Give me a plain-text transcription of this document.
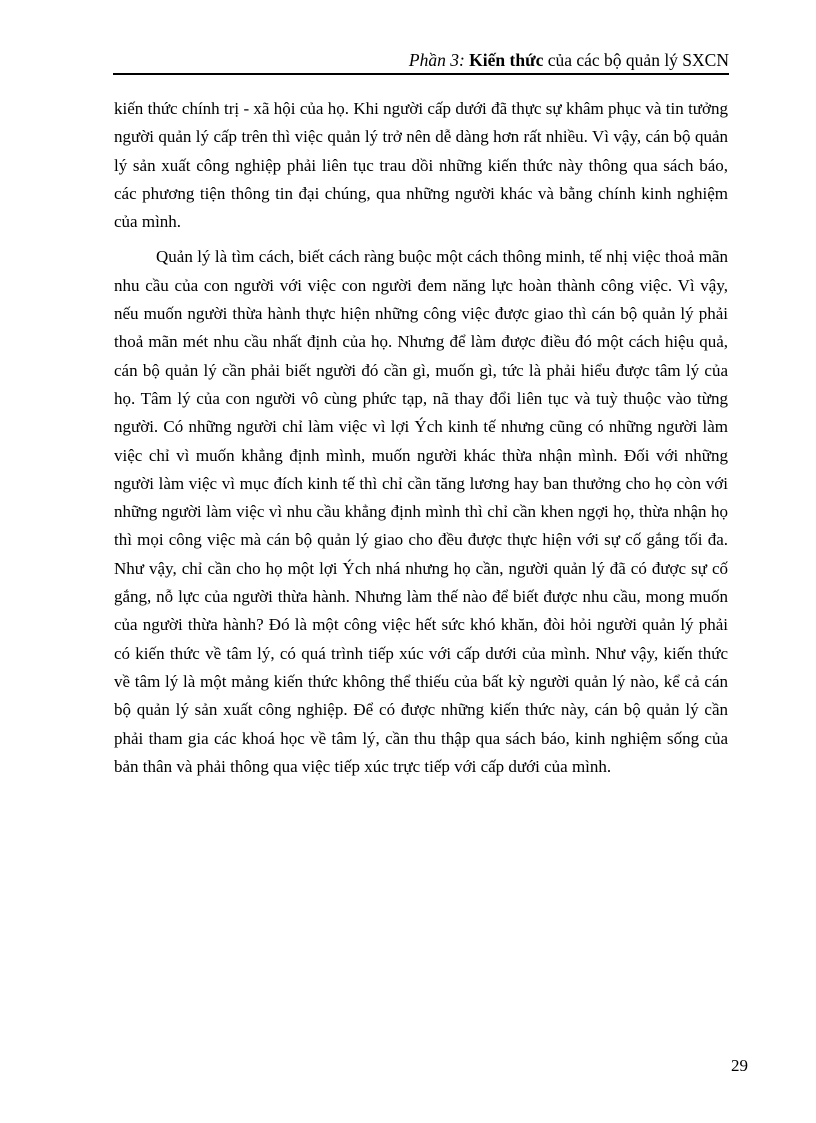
Phần 3: Kiến thức của các bộ quản lý SXCN

kiến thức chính trị - xã hội của họ. Khi người cấp dưới đã thực sự khâm phục và tin tưởng người quản lý cấp trên thì việc quản lý trở nên dễ dàng hơn rất nhiều. Vì vậy, cán bộ quản lý sản xuất công nghiệp phải liên tục trau dồi những kiến thức này thông qua sách báo, các phương tiện thông tin đại chúng, qua những người khác và bằng chính kinh nghiệm của mình.

Quản lý là tìm cách, biết cách ràng buộc một cách thông minh, tế nhị việc thoả mãn nhu cầu của con người với việc con người đem năng lực hoàn thành công việc. Vì vậy, nếu muốn người thừa hành thực hiện những công việc được giao thì cán bộ quản lý phải thoả mãn mét nhu cầu nhất định của họ. Nhưng để làm được điều đó một cách hiệu quả, cán bộ quản lý cần phải biết người đó cần gì, muốn gì, tức là phải hiểu được tâm lý của họ. Tâm lý của con người vô cùng phức tạp, nã thay đổi liên tục và tuỳ thuộc vào từng người. Có những người chỉ làm việc vì lợi Ých kinh tế nhưng cũng có những người làm việc chỉ vì muốn khẳng định mình, muốn người khác thừa nhận mình. Đối với những người làm việc vì mục đích kinh tế thì chỉ cần tăng lương hay ban thưởng cho họ còn với những người làm việc vì nhu cầu khẳng định mình thì chỉ cần khen ngợi họ, thừa nhận họ thì mọi công việc mà cán bộ quản lý giao cho đều được thực hiện với sự cố gắng tối đa. Như vậy, chỉ cần cho họ một lợi Ých nhá nhưng họ cần, người quản lý đã có được sự cố gắng, nỗ lực của người thừa hành. Nhưng làm thế nào để biết được nhu cầu, mong muốn của người thừa hành? Đó là một công việc hết sức khó khăn, đòi hỏi người quản lý phải có kiến thức về tâm lý, có quá trình tiếp xúc với cấp dưới của mình. Như vậy, kiến thức về tâm lý là một mảng kiến thức không thể thiếu của bất kỳ người quản lý nào, kể cả cán bộ quản lý sản xuất công nghiệp. Để có được những kiến thức này, cán bộ quản lý cần phải tham gia các khoá học về tâm lý, cần thu thập qua sách báo, kinh nghiệm sống của bản thân và phải thông qua việc tiếp xúc trực tiếp với cấp dưới của mình.

29
